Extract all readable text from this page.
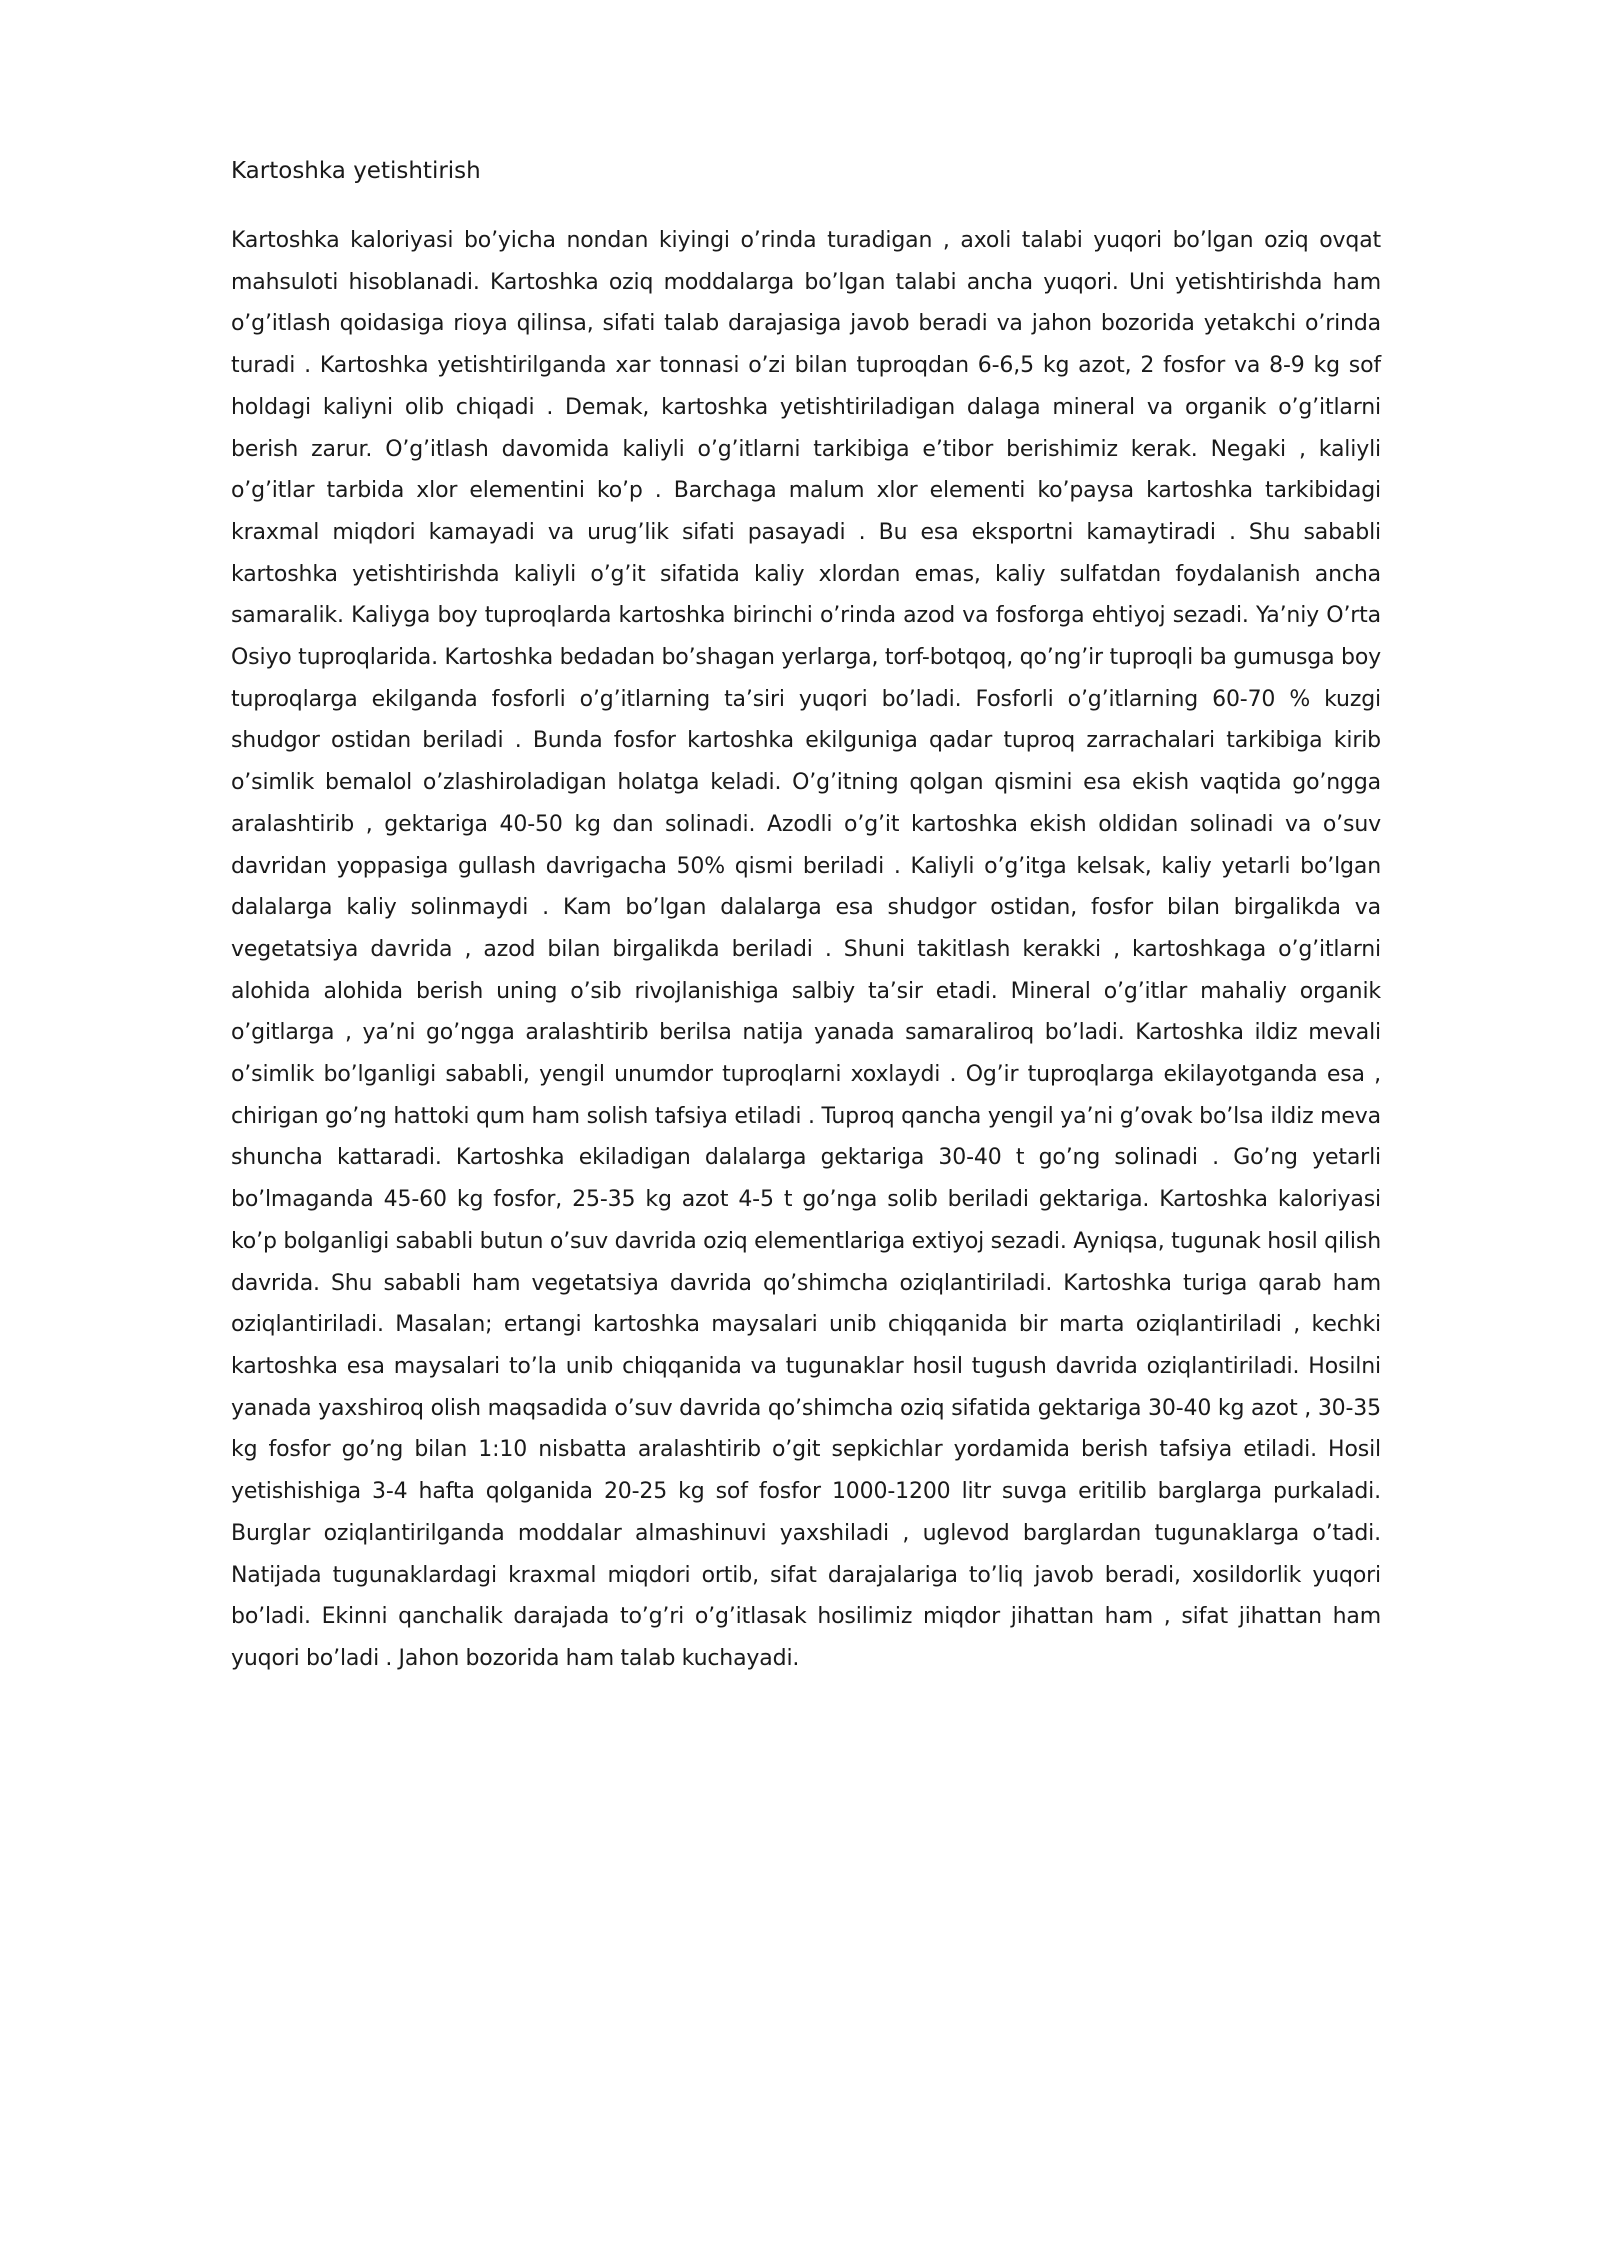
Kartoshka yetishtirish

Kartoshka kaloriyasi bo’yicha nondan kiyingi o’rinda turadigan , axoli talabi yuqori bo’lgan oziq ovqat mahsuloti hisoblanadi. Kartoshka oziq moddalarga bo’lgan talabi ancha yuqori. Uni yetishtirishda ham o’g’itlash qoidasiga rioya qilinsa, sifati talab darajasiga javob beradi va jahon bozorida yetakchi o’rinda turadi . Kartoshka yetishtirilganda xar tonnasi o’zi bilan tuproqdan 6-6,5 kg azot, 2 fosfor va 8-9 kg sof holdagi kaliyni olib chiqadi . Demak, kartoshka yetishtiriladigan dalaga mineral va organik o’g’itlarni berish zarur. O’g’itlash davomida kaliyli o’g’itlarni tarkibiga e’tibor berishimiz kerak. Negaki , kaliyli o’g’itlar tarbida xlor elementini ko’p . Barchaga malum xlor elementi ko’paysa kartoshka tarkibidagi kraxmal miqdori kamayadi va urug’lik sifati pasayadi . Bu esa eksportni kamaytiradi . Shu sababli kartoshka yetishtirishda kaliyli o’g’it sifatida kaliy xlordan emas, kaliy sulfatdan foydalanish ancha samaralik. Kaliyga boy tuproqlarda kartoshka birinchi o’rinda azod va fosforga ehtiyoj sezadi. Ya’niy O’rta Osiyo tuproqlarida. Kartoshka bedadan bo’shagan yerlarga, torf-botqoq, qo’ng’ir tuproqli ba gumusga boy tuproqlarga ekilganda fosforli o’g’itlarning ta’siri yuqori bo’ladi. Fosforli o’g’itlarning 60-70 % kuzgi shudgor ostidan beriladi . Bunda fosfor kartoshka ekilguniga qadar tuproq zarrachalari tarkibiga kirib o’simlik bemalol o’zlashiroladigan holatga keladi. O’g’itning qolgan qismini esa ekish vaqtida go’ngga aralashtirib , gektariga 40-50 kg dan solinadi. Azodli o’g’it kartoshka ekish oldidan solinadi va o’suv davridan yoppasiga gullash davrigacha 50% qismi beriladi . Kaliyli o’g’itga kelsak, kaliy yetarli bo’lgan dalalarga kaliy solinmaydi . Kam bo’lgan dalalarga esa shudgor ostidan, fosfor bilan birgalikda va vegetatsiya davrida , azod bilan birgalikda beriladi . Shuni takitlash kerakki , kartoshkaga o’g’itlarni alohida alohida berish uning o’sib rivojlanishiga salbiy ta’sir etadi. Mineral o’g’itlar mahaliy organik o’gitlarga , ya’ni go’ngga aralashtirib berilsa natija yanada samaraliroq bo’ladi. Kartoshka ildiz mevali o’simlik bo’lganligi sababli, yengil unumdor tuproqlarni xoxlaydi . Og’ir tuproqlarga ekilayotganda esa , chirigan go’ng hattoki qum ham solish tafsiya etiladi . Tuproq qancha yengil ya’ni g’ovak bo’lsa ildiz meva shuncha kattaradi. Kartoshka ekiladigan dalalarga gektariga 30-40 t go’ng solinadi . Go’ng yetarli bo’lmaganda 45-60 kg fosfor, 25-35 kg azot 4-5 t go’nga solib beriladi gektariga. Kartoshka kaloriyasi ko’p bolganligi sababli butun o’suv davrida oziq elementlariga extiyoj sezadi. Ayniqsa, tugunak hosil qilish davrida. Shu sababli ham vegetatsiya davrida qo’shimcha oziqlantiriladi. Kartoshka turiga qarab ham oziqlantiriladi. Masalan; ertangi kartoshka maysalari unib chiqqanida bir marta oziqlantiriladi , kechki kartoshka esa maysalari to’la unib chiqqanida va tugunaklar hosil tugush davrida oziqlantiriladi. Hosilni yanada yaxshiroq olish maqsadida o’suv davrida qo’shimcha oziq sifatida gektariga 30-40 kg azot , 30-35 kg fosfor go’ng bilan 1:10 nisbatta aralashtirib o’git sepkichlar yordamida berish tafsiya etiladi. Hosil yetishishiga 3-4 hafta qolganida 20-25 kg sof fosfor 1000-1200 litr suvga eritilib barglarga purkaladi. Burglar oziqlantirilganda moddalar almashinuvi yaxshiladi , uglevod barglardan tugunaklarga o’tadi. Natijada tugunaklardagi kraxmal miqdori ortib, sifat darajalariga to’liq javob beradi, xosildorlik yuqori bo’ladi. Ekinni qanchalik darajada to’g’ri o’g’itlasak hosilimiz miqdor jihattan ham , sifat jihattan ham yuqori bo’ladi . Jahon bozorida ham talab kuchayadi.
